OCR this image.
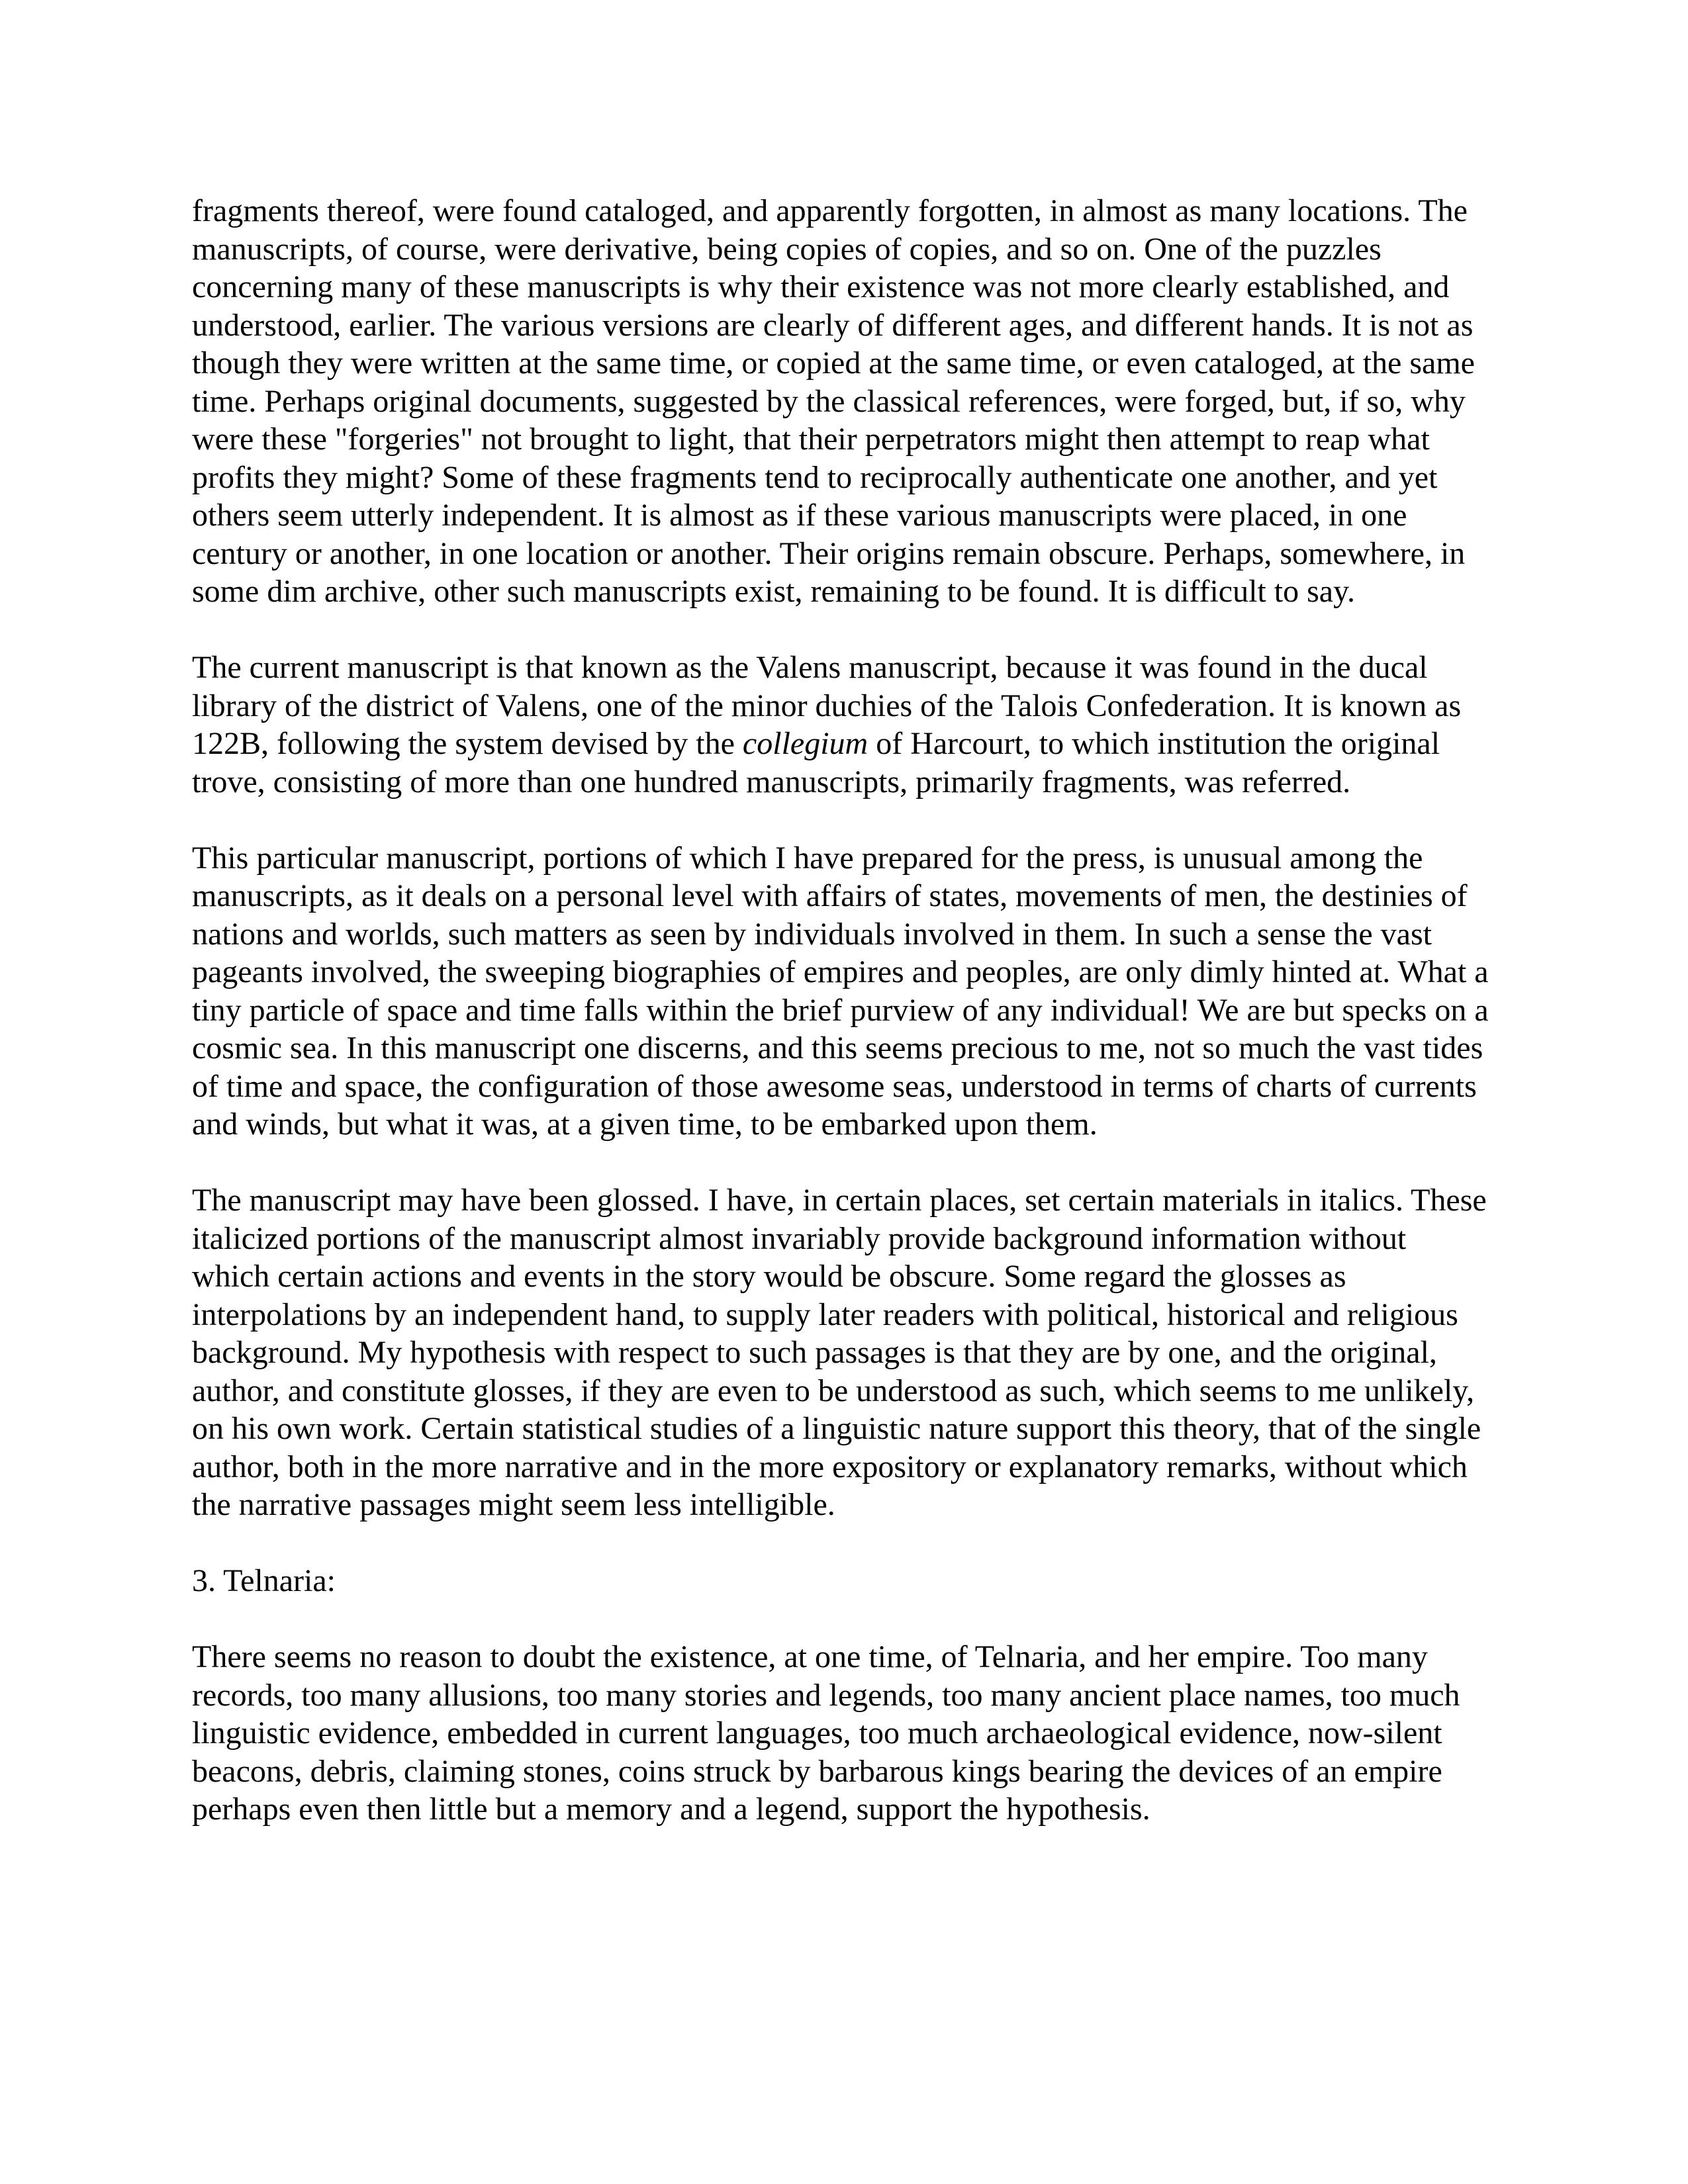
fragments thereof, were found cataloged, and apparently forgotten, in almost as many locations. The manuscripts, of course, were derivative, being copies of copies, and so on. One of the puzzles concerning many of these manuscripts is why their existence was not more clearly established, and understood, earlier. The various versions are clearly of different ages, and different hands. It is not as though they were written at the same time, or copied at the same time, or even cataloged, at the same time. Perhaps original documents, suggested by the classical references, were forged, but, if so, why were these "forgeries" not brought to light, that their perpetrators might then attempt to reap what profits they might? Some of these fragments tend to reciprocally authenticate one another, and yet others seem utterly independent. It is almost as if these various manuscripts were placed, in one century or another, in one location or another. Their origins remain obscure. Perhaps, somewhere, in some dim archive, other such manuscripts exist, remaining to be found. It is difficult to say.

The current manuscript is that known as the Valens manuscript, because it was found in the ducal library of the district of Valens, one of the minor duchies of the Talois Confederation. It is known as 122B, following the system devised by the collegium of Harcourt, to which institution the original trove, consisting of more than one hundred manuscripts, primarily fragments, was referred.

This particular manuscript, portions of which I have prepared for the press, is unusual among the manuscripts, as it deals on a personal level with affairs of states, movements of men, the destinies of nations and worlds, such matters as seen by individuals involved in them. In such a sense the vast pageants involved, the sweeping biographies of empires and peoples, are only dimly hinted at. What a tiny particle of space and time falls within the brief purview of any individual! We are but specks on a cosmic sea. In this manuscript one discerns, and this seems precious to me, not so much the vast tides of time and space, the configuration of those awesome seas, understood in terms of charts of currents and winds, but what it was, at a given time, to be embarked upon them.

The manuscript may have been glossed. I have, in certain places, set certain materials in italics. These italicized portions of the manuscript almost invariably provide background information without which certain actions and events in the story would be obscure. Some regard the glosses as interpolations by an independent hand, to supply later readers with political, historical and religious background. My hypothesis with respect to such passages is that they are by one, and the original, author, and constitute glosses, if they are even to be understood as such, which seems to me unlikely, on his own work. Certain statistical studies of a linguistic nature support this theory, that of the single author, both in the more narrative and in the more expository or explanatory remarks, without which the narrative passages might seem less intelligible.

3. Telnaria:

There seems no reason to doubt the existence, at one time, of Telnaria, and her empire. Too many records, too many allusions, too many stories and legends, too many ancient place names, too much linguistic evidence, embedded in current languages, too much archaeological evidence, now-silent beacons, debris, claiming stones, coins struck by barbarous kings bearing the devices of an empire perhaps even then little but a memory and a legend, support the hypothesis.
